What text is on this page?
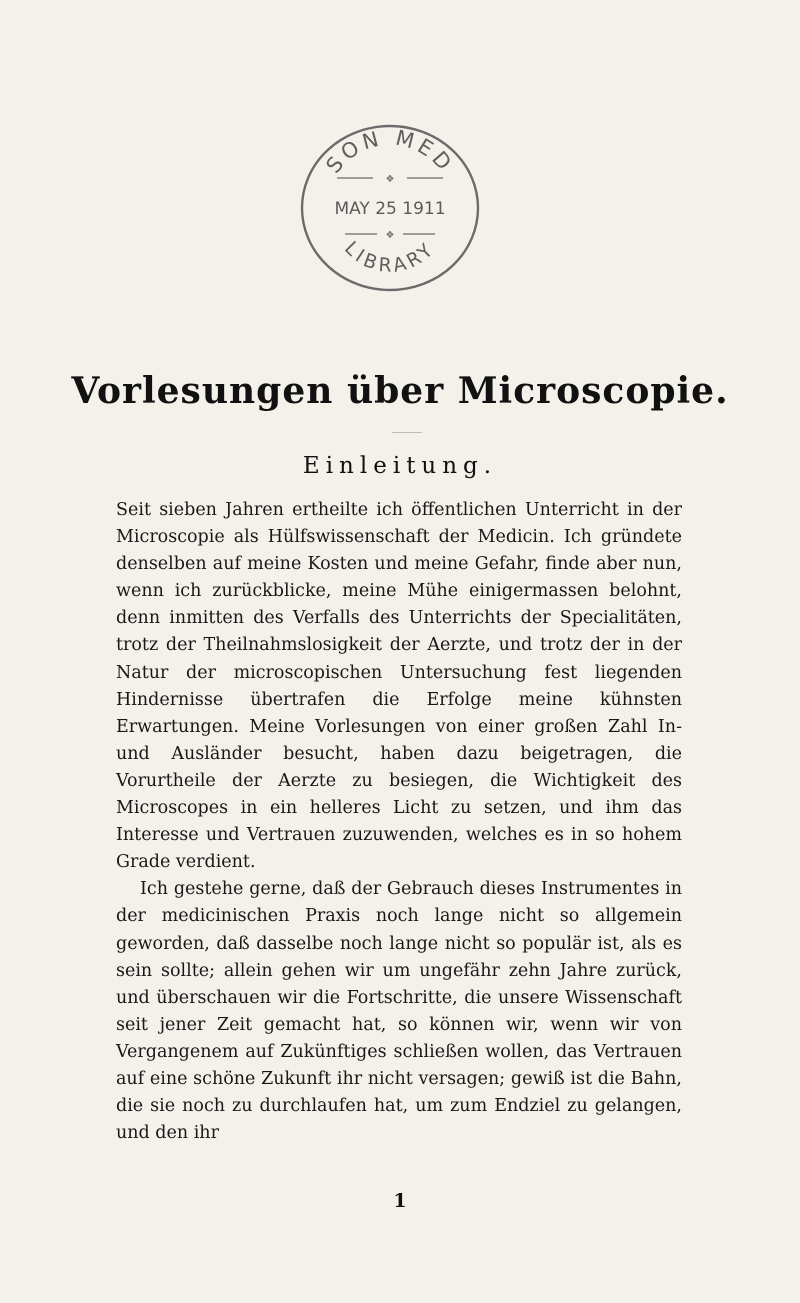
SON MED
❖
MAY 25 1911
❖
LIBRARY
Vorlesungen über Microscopie.
Einleitung.

Seit sieben Jahren ertheilte ich öffentlichen Unterricht in der Microscopie als Hülfswissenschaft der Medicin. Ich gründete denselben auf meine Kosten und meine Gefahr, finde aber nun, wenn ich zurückblicke, meine Mühe einigermassen belohnt, denn inmitten des Verfalls des Unterrichts der Specialitäten, trotz der Theilnahmslosigkeit der Aerzte, und trotz der in der Natur der microscopischen Untersuchung fest liegenden Hindernisse übertrafen die Erfolge meine kühnsten Erwartungen. Meine Vorlesungen von einer großen Zahl In- und Ausländer besucht, haben dazu beigetragen, die Vorurtheile der Aerzte zu besiegen, die Wichtigkeit des Microscopes in ein helleres Licht zu setzen, und ihm das Interesse und Vertrauen zuzuwenden, welches es in so hohem Grade verdient.

Ich gestehe gerne, daß der Gebrauch dieses Instrumentes in der medicinischen Praxis noch lange nicht so allgemein geworden, daß dasselbe noch lange nicht so populär ist, als es sein sollte; allein gehen wir um ungefähr zehn Jahre zurück, und überschauen wir die Fortschritte, die unsere Wissenschaft seit jener Zeit gemacht hat, so können wir, wenn wir von Vergangenem auf Zukünftiges schließen wollen, das Vertrauen auf eine schöne Zukunft ihr nicht versagen; gewiß ist die Bahn, die sie noch zu durchlaufen hat, um zum Endziel zu gelangen, und den ihr

1
